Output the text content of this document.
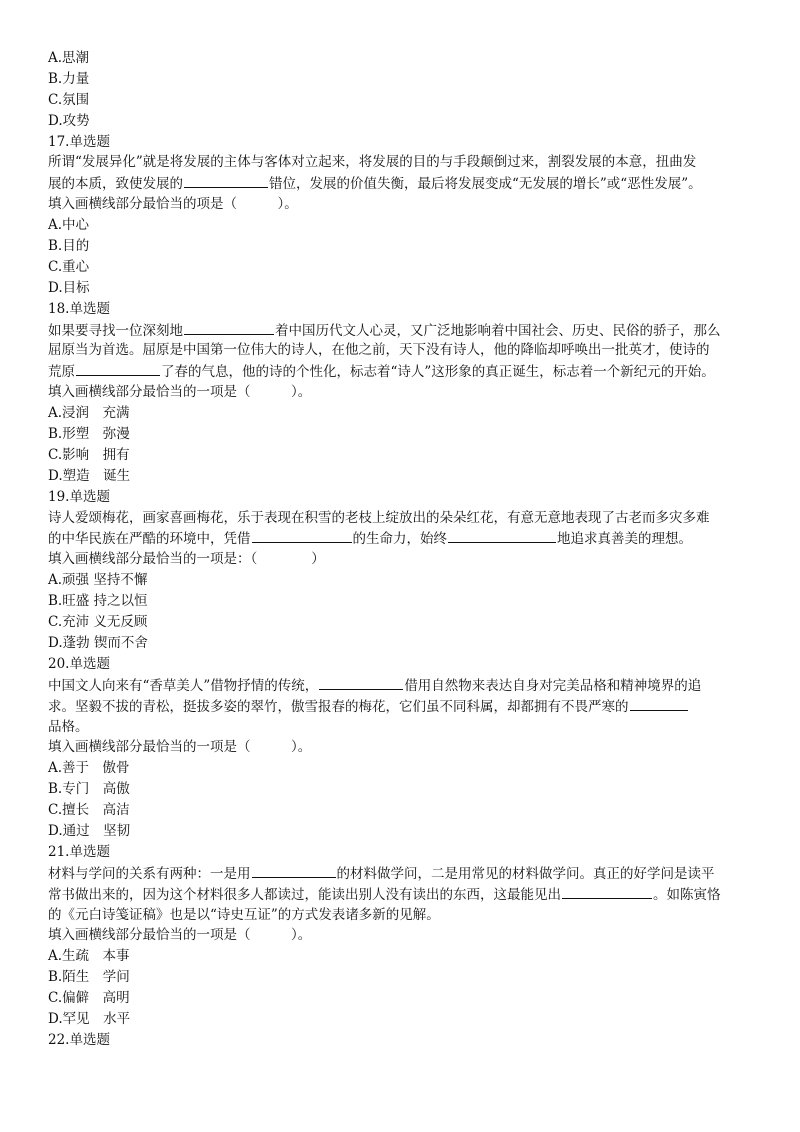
A.思潮
B.力量
C.氛围
D.攻势
17.单选题
所谓“发展异化”就是将发展的主体与客体对立起来，将发展的目的与手段颠倒过来，割裂发展的本意，扭曲发
展的本质，致使发展的	错位，发展的价值失衡，最后将发展变成“无发展的增长”或“恶性发展”。
填入画横线部分最恰当的项是（　　　）。
A.中心
B.目的
C.重心
D.目标
18.单选题
如果要寻找一位深刻地	着中国历代文人心灵，又广泛地影响着中国社会、历史、民俗的骄子，那么
屈原当为首选。屈原是中国第一位伟大的诗人，在他之前，天下没有诗人，他的降临却呼唤出一批英才，使诗的
荒原	了春的气息，他的诗的个性化，标志着“诗人”这形象的真正诞生，标志着一个新纪元的开始。
填入画横线部分最恰当的一项是（　　　）。
A.浸润　充满
B.形塑　弥漫
C.影响　拥有
D.塑造　诞生
19.单选题
诗人爱颂梅花，画家喜画梅花，乐于表现在积雪的老枝上绽放出的朵朵红花，有意无意地表现了古老而多灾多难
的中华民族在严酷的环境中，凭借	的生命力，始终	地追求真善美的理想。
填入画横线部分最恰当的一项是：（　　　　）
A.顽强 坚持不懈
B.旺盛 持之以恒
C.充沛 义无反顾
D.蓬勃 锲而不舍
20.单选题
中国文人向来有“香草美人”借物抒情的传统，	借用自然物来表达自身对完美品格和精神境界的追
求。坚毅不拔的青松，挺拔多姿的翠竹，傲雪报春的梅花，它们虽不同科属，却都拥有不畏严寒的
品格。
填入画横线部分最恰当的一项是（　　　）。
A.善于　傲骨
B.专门　高傲
C.擅长　高洁
D.通过　坚韧
21.单选题
材料与学问的关系有两种：一是用	的材料做学问，二是用常见的材料做学问。真正的好学问是读平
常书做出来的，因为这个材料很多人都读过，能读出别人没有读出的东西，这最能见出	。如陈寅恪
的《元白诗笺证稿》也是以“诗史互证”的方式发表诸多新的见解。
填入画横线部分最恰当的一项是（　　　）。
A.生疏　本事
B.陌生　学问
C.偏僻　高明
D.罕见　水平
22.单选题
